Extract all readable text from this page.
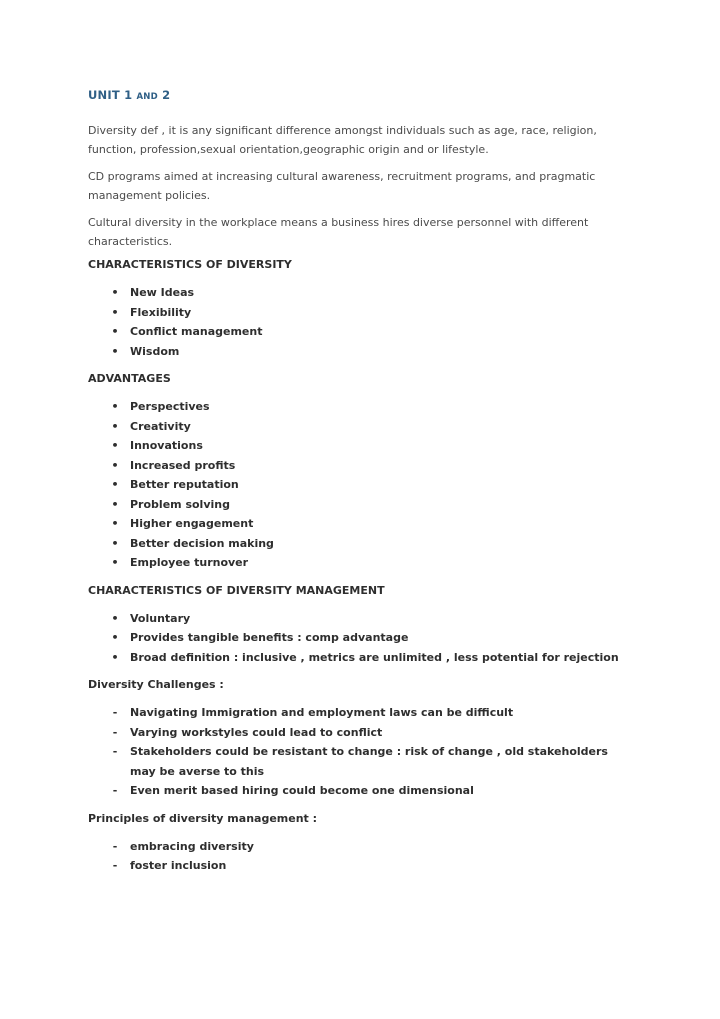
UNIT 1 AND 2

Diversity def , it is any significant difference amongst individuals such as age, race, religion, function, profession,sexual orientation,geographic origin and or lifestyle.

CD programs aimed at increasing cultural awareness, recruitment programs, and pragmatic management policies.

Cultural diversity in the workplace means a business hires diverse personnel with different characteristics.

CHARACTERISTICS OF DIVERSITY
•	New Ideas
•	Flexibility
•	Conflict management
•	Wisdom
ADVANTAGES
•	Perspectives
•	Creativity
•	Innovations
•	Increased profits
•	Better reputation
•	Problem solving
•	Higher engagement
•	Better decision making
•	Employee turnover
CHARACTERISTICS OF DIVERSITY MANAGEMENT
•	Voluntary
•	Provides tangible benefits : comp advantage
•	Broad definition : inclusive , metrics are unlimited , less potential for rejection
Diversity Challenges :
-	Navigating Immigration and employment laws can be difficult
-	Varying workstyles could lead to conflict
-	Stakeholders could be resistant to change : risk of change , old stakeholders may be averse to this
-	Even merit based hiring could become one dimensional
Principles of diversity management :
-	embracing diversity
-	foster inclusion
